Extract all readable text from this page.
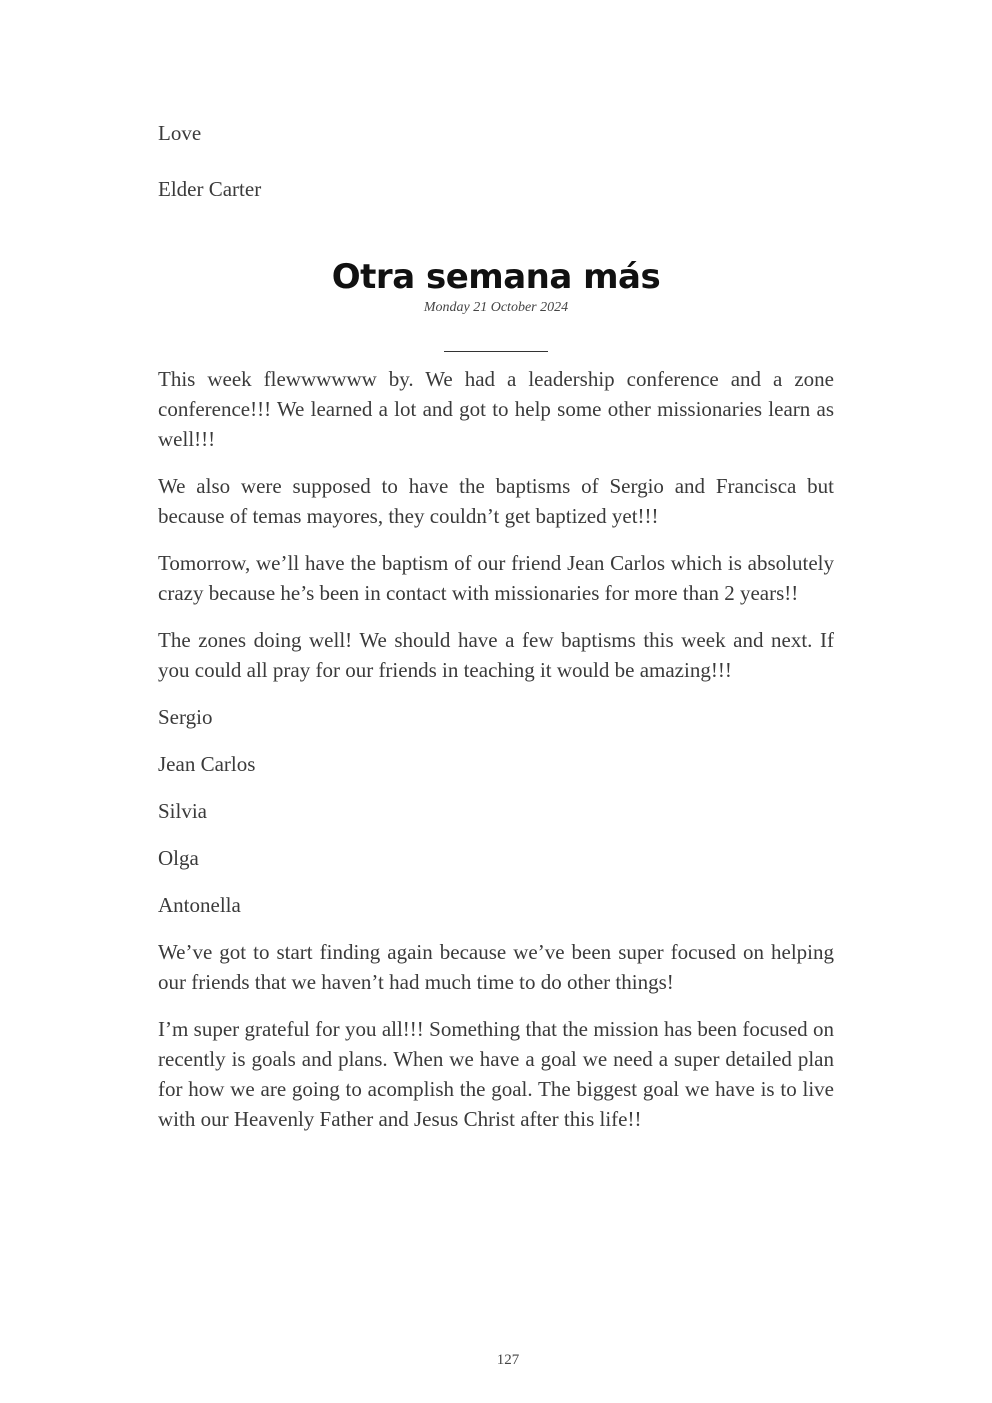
Love

Elder Carter

Otra semana más

Monday 21 October 2024

This week flewwwwww by. We had a leadership conference and a zone conference!!! We learned a lot and got to help some other missionaries learn as well!!!

We also were supposed to have the baptisms of Sergio and Francisca but because of temas mayores, they couldn’t get baptized yet!!!

Tomorrow, we’ll have the baptism of our friend Jean Carlos which is absolutely crazy because he’s been in contact with missionaries for more than 2 years!!

The zones doing well! We should have a few baptisms this week and next. If you could all pray for our friends in teaching it would be amazing!!!

Sergio

Jean Carlos

Silvia

Olga

Antonella

We’ve got to start finding again because we’ve been super focused on helping our friends that we haven’t had much time to do other things!

I’m super grateful for you all!!! Something that the mission has been focused on recently is goals and plans. When we have a goal we need a super detailed plan for how we are going to acomplish the goal. The biggest goal we have is to live with our Heavenly Father and Jesus Christ after this life!!

127
